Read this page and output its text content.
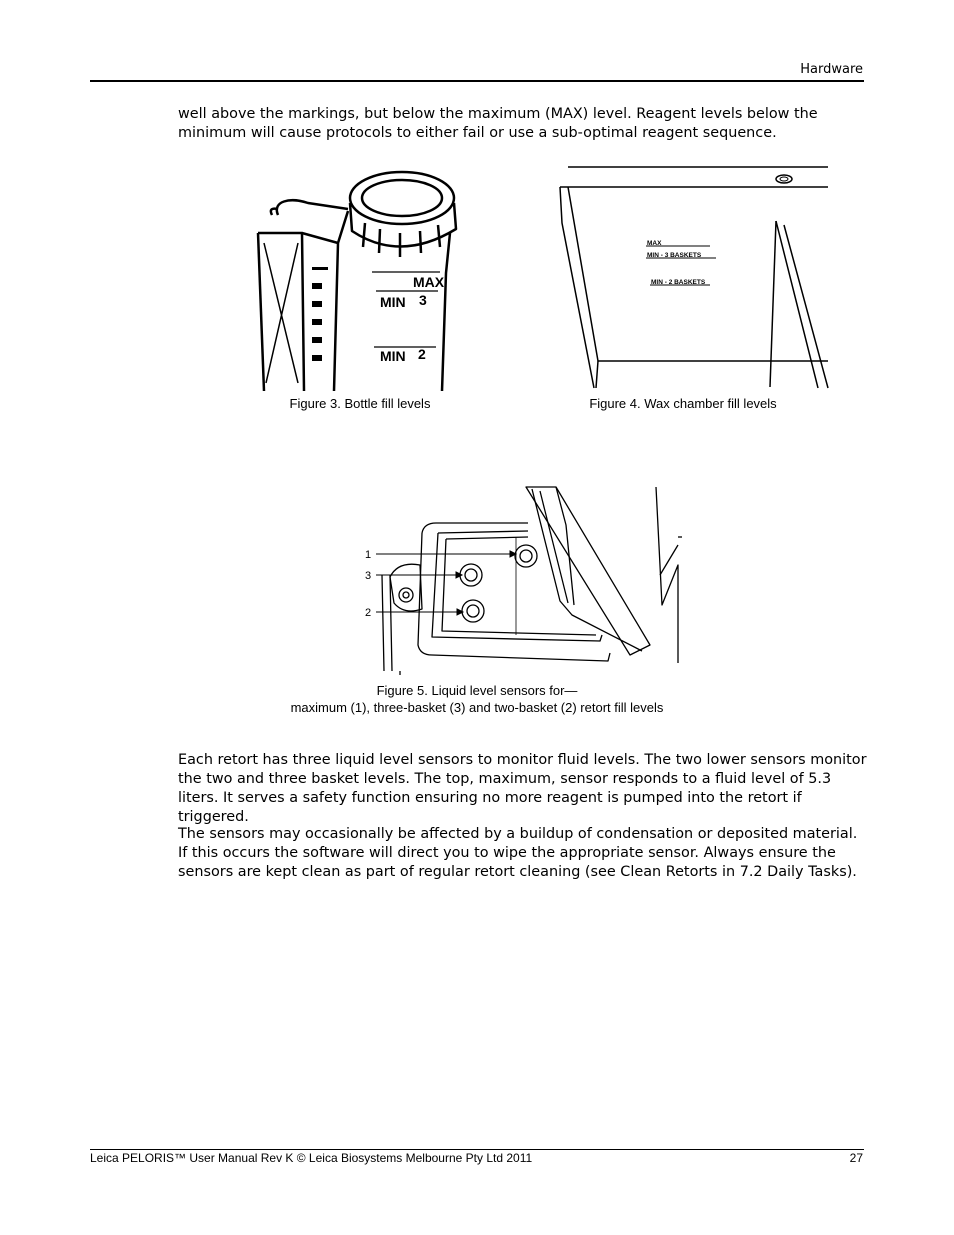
Hardware

well above the markings, but below the maximum (MAX) level. Reagent levels below the minimum will cause protocols to either fail or use a sub-optimal reagent sequence.

MAX
MIN 3
MIN 2
Figure 3. Bottle fill levels
MAX
MIN - 3 BASKETS
MIN - 2 BASKETS
Figure 4. Wax chamber fill levels
1
3
2
Figure 5. Liquid level sensors for—
maximum (1), three-basket (3) and two-basket (2) retort fill levels

Each retort has three liquid level sensors to monitor fluid levels. The two lower sensors monitor the two and three basket levels. The top, maximum, sensor responds to a fluid level of 5.3 liters. It serves a safety function ensuring no more reagent is pumped into the retort if triggered.

The sensors may occasionally be affected by a buildup of condensation or deposited material. If this occurs the software will direct you to wipe the appropriate sensor. Always ensure the sensors are kept clean as part of regular retort cleaning (see Clean Retorts in 7.2 Daily Tasks).

Leica PELORIS™ User Manual Rev K © Leica Biosystems Melbourne Pty Ltd 2011	27
